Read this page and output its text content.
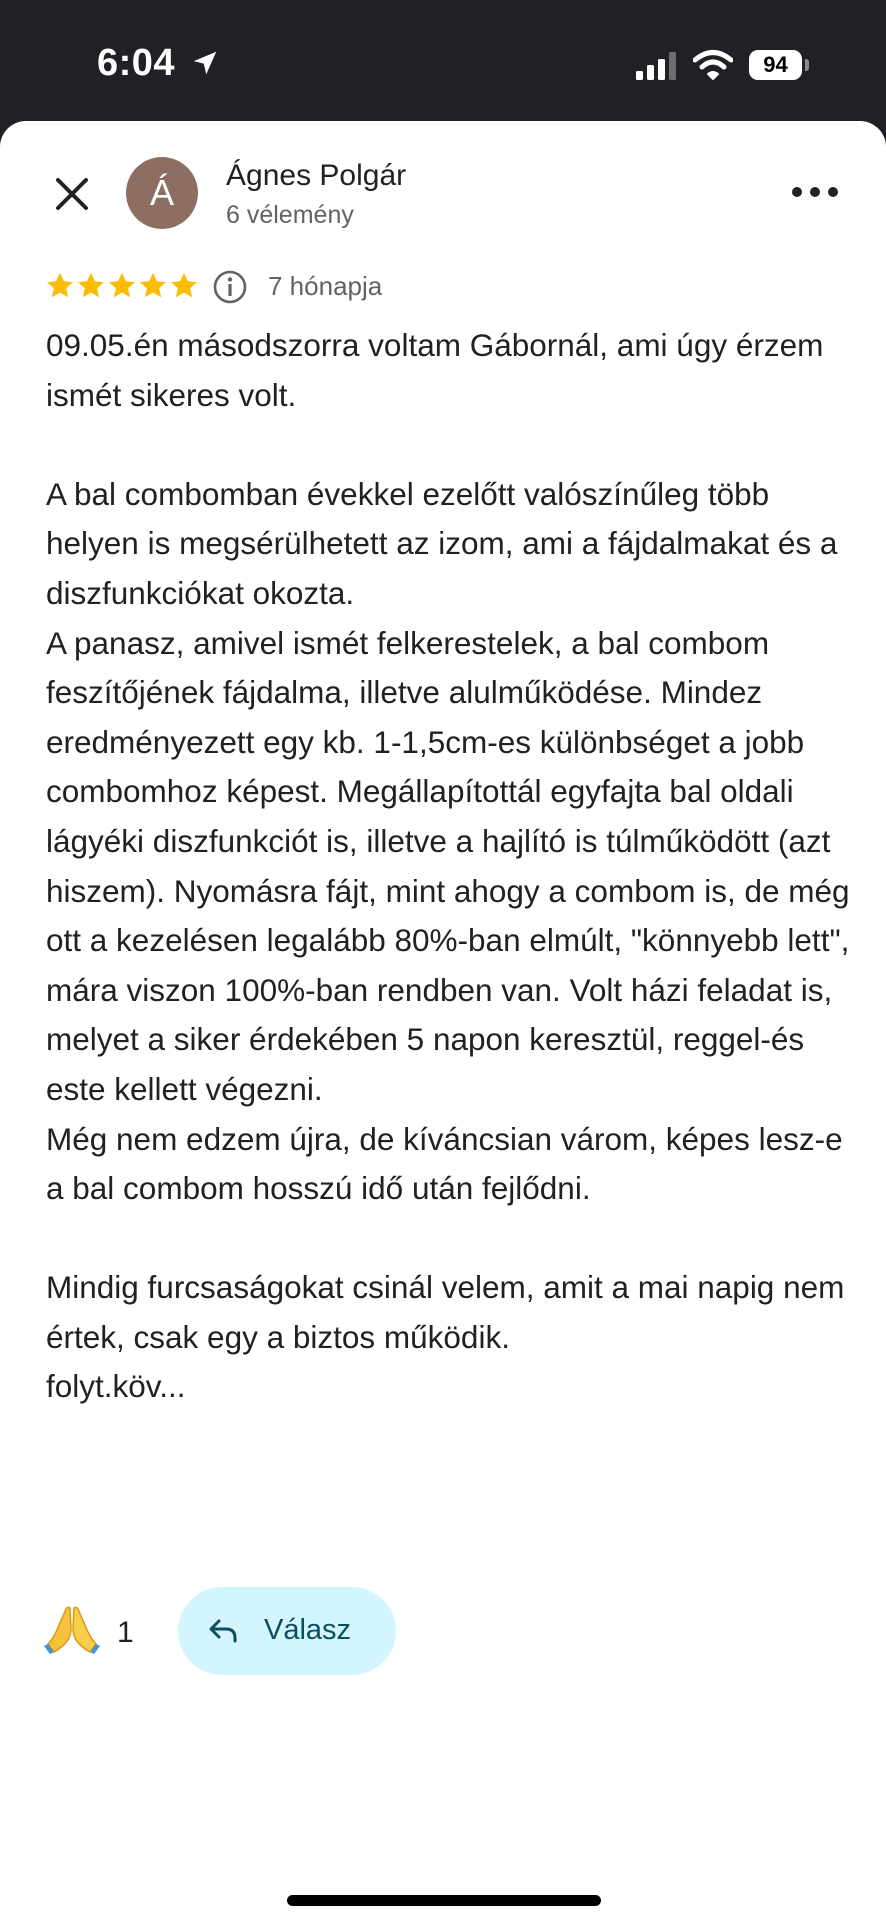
6:04	94
Á	Ágnes Polgár
6 vélemény
7 hónapja

09.05.én másodszorra voltam Gábornál, ami úgy érzem ismét sikeres volt.

A bal combomban évekkel ezelőtt valószínűleg több helyen is megsérülhetett az izom, ami a fájdalmakat és a diszfunkciókat okozta.
A panasz, amivel ismét felkerestelek, a bal combom feszítőjének fájdalma, illetve alulműködése. Mindez eredményezett egy kb. 1-1,5cm-es különbséget a jobb combomhoz képest. Megállapítottál egyfajta bal oldali lágyéki diszfunkciót is, illetve a hajlító is túlműködött (azt hiszem). Nyomásra fájt, mint ahogy a combom is, de még ott a kezelésen legalább 80%-ban elmúlt, "könnyebb lett", mára viszon 100%-ban rendben van. Volt házi feladat is, melyet a siker érdekében 5 napon keresztül, reggel-és este kellett végezni.
Még nem edzem újra, de kíváncsian várom, képes lesz-e a bal combom hosszú idő után fejlődni.

Mindig furcsaságokat csinál velem, amit a mai napig nem értek, csak egy a biztos működik.
folyt.köv...

1	Válasz
